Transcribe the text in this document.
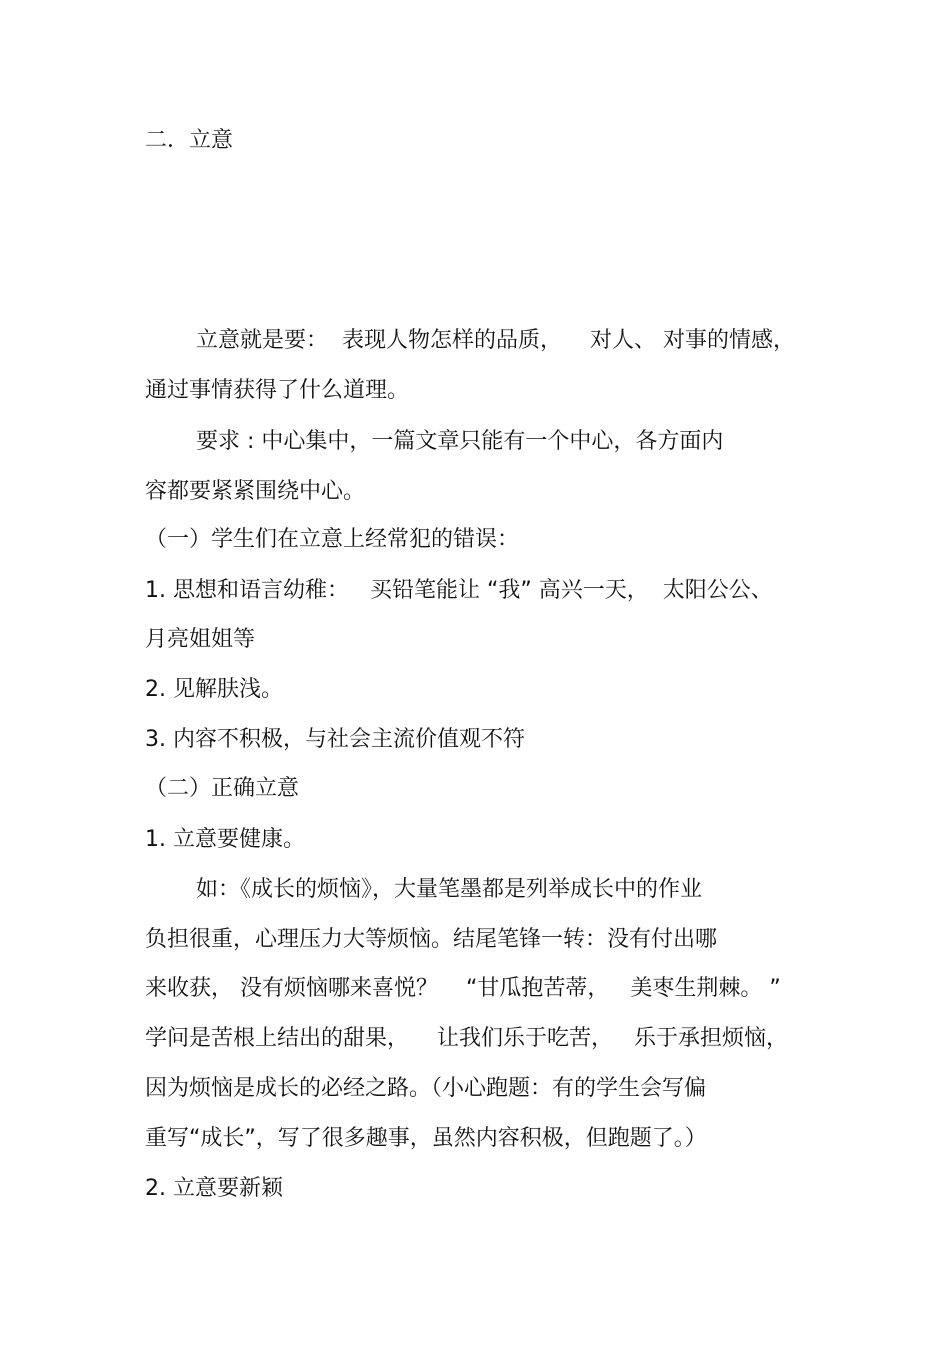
二．立意
立意就是要：  表现人物怎样的品质，    对人、 对事的情感，
通过事情获得了什么道理。
要求 : 中心集中，一篇文章只能有一个中心，各方面内
容都要紧紧围绕中心。
（一）学生们在立意上经常犯的错误：
1. 思想和语言幼稚：   买铅笔能让 “我” 高兴一天，  太阳公公、
月亮姐姐等
2. 见解肤浅。
3. 内容不积极，与社会主流价值观不符
（二）正确立意
1. 立意要健康。
如：《成长的烦恼》，大量笔墨都是列举成长中的作业
负担很重，心理压力大等烦恼。结尾笔锋一转：没有付出哪
来收获， 没有烦恼哪来喜悦？    “甘瓜抱苦蒂，   美枣生荆棘。 ”
学问是苦根上结出的甜果，    让我们乐于吃苦，   乐于承担烦恼，
因为烦恼是成长的必经之路。（小心跑题：有的学生会写偏
重写“成长”，写了很多趣事，虽然内容积极，但跑题了。）
2. 立意要新颖
